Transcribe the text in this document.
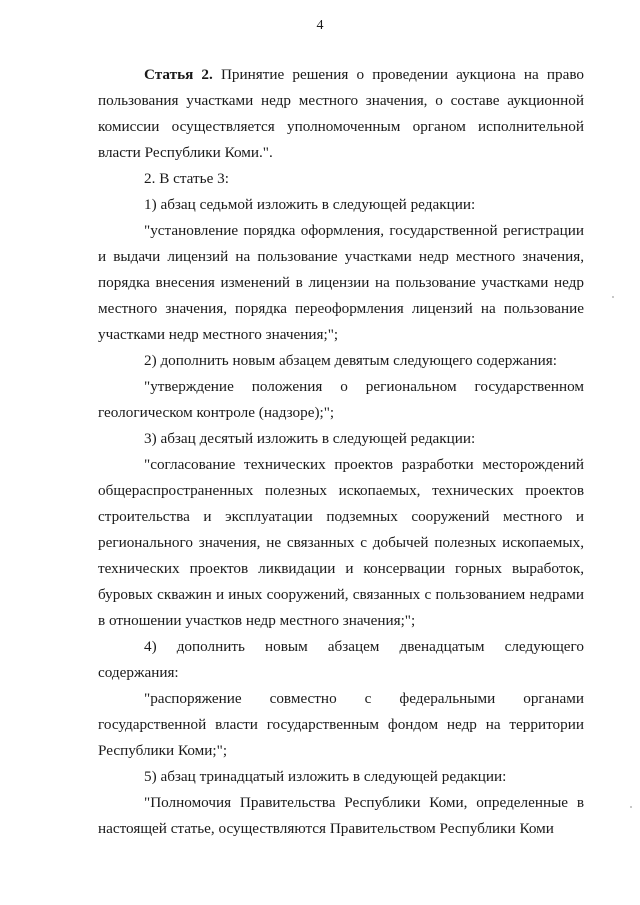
4

Статья 2. Принятие решения о проведении аукциона на право пользования участками недр местного значения, о составе аукционной комиссии осуществляется уполномоченным органом исполнительной власти Республики Коми.".

2. В статье 3:

1) абзац седьмой изложить в следующей редакции:

"установление порядка оформления, государственной регистрации и выдачи лицензий на пользование участками недр местного значения, порядка внесения изменений в лицензии на пользование участками недр местного значения, порядка переоформления лицензий на пользование участками недр местного значения;";

2) дополнить новым абзацем девятым следующего содержания:

"утверждение положения о региональном государственном геологическом контроле (надзоре);";

3) абзац десятый изложить в следующей редакции:

"согласование технических проектов разработки месторождений общераспространенных полезных ископаемых, технических проектов строительства и эксплуатации подземных сооружений местного и регионального значения, не связанных с добычей полезных ископаемых, технических проектов ликвидации и консервации горных выработок, буровых скважин и иных сооружений, связанных с пользованием недрами в отношении участков недр местного значения;";

4) дополнить новым абзацем двенадцатым следующего содержания:

"распоряжение совместно с федеральными органами государственной власти государственным фондом недр на территории Республики Коми;";

5) абзац тринадцатый изложить в следующей редакции:

"Полномочия Правительства Республики Коми, определенные в настоящей статье, осуществляются Правительством Республики Коми
